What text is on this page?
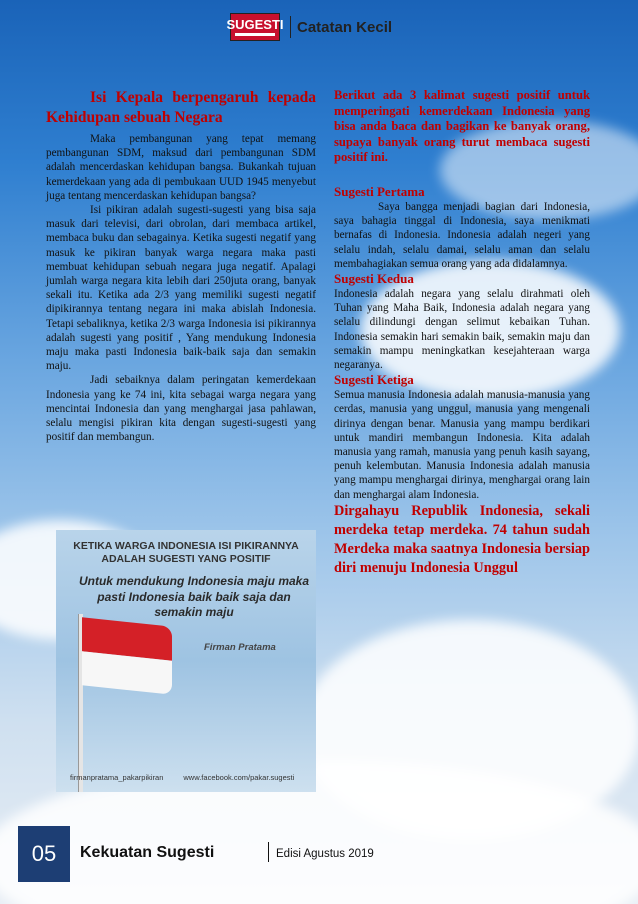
SUGESTI Catatan Kecil

Isi Kepala berpengaruh kepada Kehidupan sebuah Negara

Maka pembangunan yang tepat memang pembangunan SDM, maksud dari pembangunan SDM adalah mencerdaskan kehidupan bangsa. Bukankah tujuan kemerdekaan yang ada di pembukaan UUD 1945 menyebut juga tentang mencerdaskan kehidupan bangsa?

Isi pikiran adalah sugesti-sugesti yang bisa saja masuk dari televisi, dari obrolan, dari membaca artikel, membaca buku dan sebagainya. Ketika sugesti negatif yang masuk ke pikiran banyak warga negara maka pasti membuat kehidupan sebuah negara juga negatif. Apalagi jumlah warga negara kita lebih dari 250juta orang, banyak sekali itu. Ketika ada 2/3 yang memiliki sugesti negatif dipikirannya tentang negara ini maka abislah Indonesia. Tetapi sebaliknya, ketika 2/3 warga Indonesia isi pikirannya adalah sugesti yang positif , Yang mendukung Indonesia maju maka pasti Indonesia baik-baik saja dan semakin maju.

Jadi sebaiknya dalam peringatan kemerdekaan Indonesia yang ke 74 ini, kita sebagai warga negara yang mencintai Indonesia dan yang menghargai jasa pahlawan, selalu mengisi pikiran kita dengan sugesti-sugesti yang positif dan membangun.

KETIKA WARGA INDONESIA ISI PIKIRANNYA
ADALAH SUGESTI YANG POSITIF
Untuk mendukung Indonesia maju maka pasti Indonesia baik baik saja dan semakin maju
Firman Pratama
firmanpratama_pakarpikiran	www.facebook.com/pakar.sugesti

Berikut ada 3 kalimat sugesti positif untuk memperingati kemerdekaan Indonesia yang bisa anda baca dan bagikan ke banyak orang, supaya banyak orang turut membaca sugesti positif ini.

Sugesti Pertama

Saya bangga menjadi bagian dari Indonesia, saya bahagia tinggal di Indonesia, saya menikmati bernafas di Indonesia. Indonesia adalah negeri yang selalu indah, selalu damai, selalu aman dan selalu membahagiakan semua orang yang ada didalamnya.

Sugesti Kedua

Indonesia adalah negara yang selalu dirahmati oleh Tuhan yang Maha Baik, Indonesia adalah negara yang selalu dilindungi dengan selimut kebaikan Tuhan. Indonesia semakin hari semakin baik, semakin maju dan semakin mampu meningkatkan kesejahteraan warga negaranya.

Sugesti Ketiga

Semua manusia Indonesia adalah manusia-manusia yang cerdas, manusia yang unggul, manusia yang mengenali dirinya dengan benar. Manusia yang mampu berdikari untuk mandiri membangun Indonesia. Kita adalah manusia yang ramah, manusia yang penuh kasih sayang, penuh kelembutan. Manusia Indonesia adalah manusia yang mampu menghargai dirinya, menghargai orang lain dan menghargai alam Indonesia.

Dirgahayu Republik Indonesia, sekali merdeka tetap merdeka. 74 tahun sudah Merdeka maka saatnya Indonesia bersiap diri menuju Indonesia Unggul

05	Kekuatan Sugesti	Edisi Agustus 2019
